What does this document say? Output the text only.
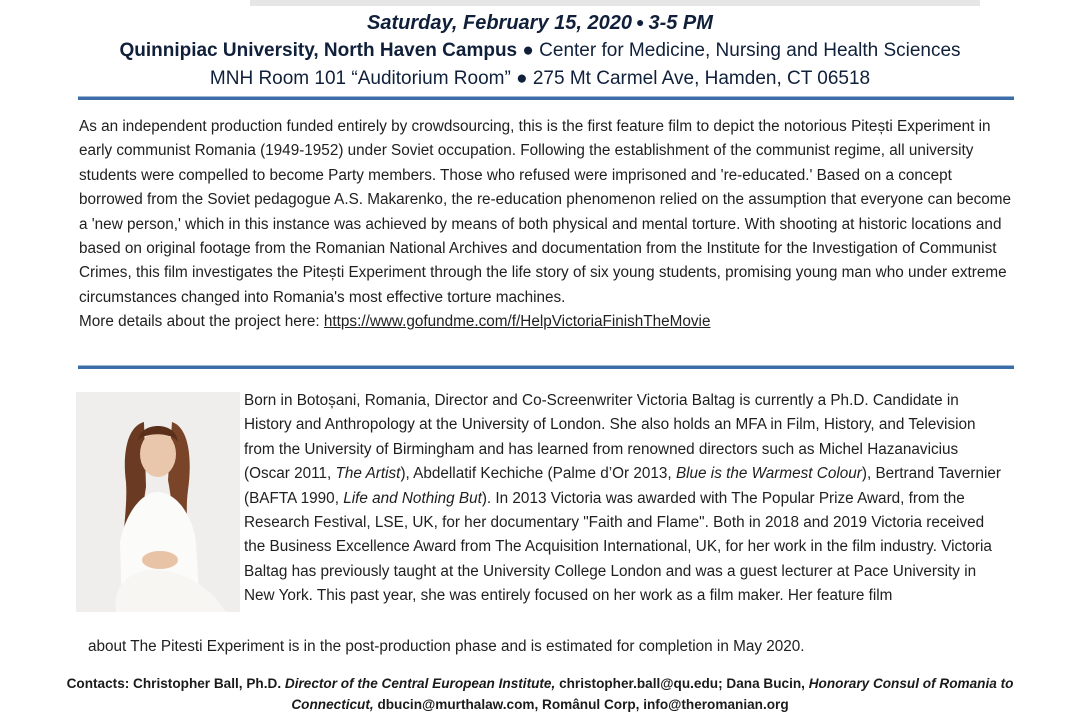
Saturday, February 15, 2020 ● 3-5 PM
Quinnipiac University, North Haven Campus ● Center for Medicine, Nursing and Health Sciences
MNH Room 101 “Auditorium Room” ● 275 Mt Carmel Ave, Hamden, CT 06518
As an independent production funded entirely by crowdsourcing, this is the first feature film to depict the notorious Pitești Experiment in early communist Romania (1949-1952) under Soviet occupation. Following the establishment of the communist regime, all university students were compelled to become Party members. Those who refused were imprisoned and 're-educated.' Based on a concept borrowed from the Soviet pedagogue A.S. Makarenko, the re-education phenomenon relied on the assumption that everyone can become a 'new person,' which in this instance was achieved by means of both physical and mental torture. With shooting at historic locations and based on original footage from the Romanian National Archives and documentation from the Institute for the Investigation of Communist Crimes, this film investigates the Pitești Experiment through the life story of six young students, promising young man who under extreme circumstances changed into Romania's most effective torture machines.
More details about the project here: https://www.gofundme.com/f/HelpVictoriaFinishTheMovie
Born in Botoșani, Romania, Director and Co-Screenwriter Victoria Baltag is currently a Ph.D. Candidate in History and Anthropology at the University of London. She also holds an MFA in Film, History, and Television from the University of Birmingham and has learned from renowned directors such as Michel Hazanavicius (Oscar 2011, The Artist), Abdellatif Kechiche (Palme d’Or 2013, Blue is the Warmest Colour), Bertrand Tavernier (BAFTA 1990, Life and Nothing But). In 2013 Victoria was awarded with The Popular Prize Award, from the Research Festival, LSE, UK, for her documentary "Faith and Flame". Both in 2018 and 2019 Victoria received the Business Excellence Award from The Acquisition International, UK, for her work in the film industry. Victoria Baltag has previously taught at the University College London and was a guest lecturer at Pace University in New York. This past year, she was entirely focused on her work as a film maker. Her feature film
about The Pitesti Experiment is in the post-production phase and is estimated for completion in May 2020.
Contacts: Christopher Ball, Ph.D. Director of the Central European Institute, christopher.ball@qu.edu; Dana Bucin, Honorary Consul of Romania to Connecticut, dbucin@murthalaw.com, Românul Corp, info@theromanian.org
